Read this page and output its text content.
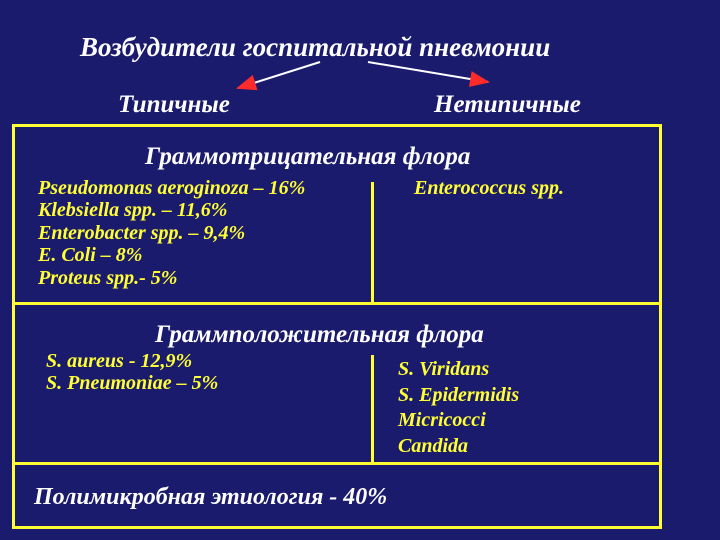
Возбудители госпитальной пневмонии
Типичные	Нетипичные
Граммотрицательная флора
Pseudomonas aeroginoza – 16%
Klebsiella spp. – 11,6%
Enterobacter spp. – 9,4%
E. Coli – 8%
Proteus spp.- 5%
Enterococcus spp.
Граммположительная флора
S. aureus - 12,9%
S. Pneumoniae – 5%
S. Viridans
S. Epidermidis
Micricocci
Candida
Полимикробная этиология - 40%
